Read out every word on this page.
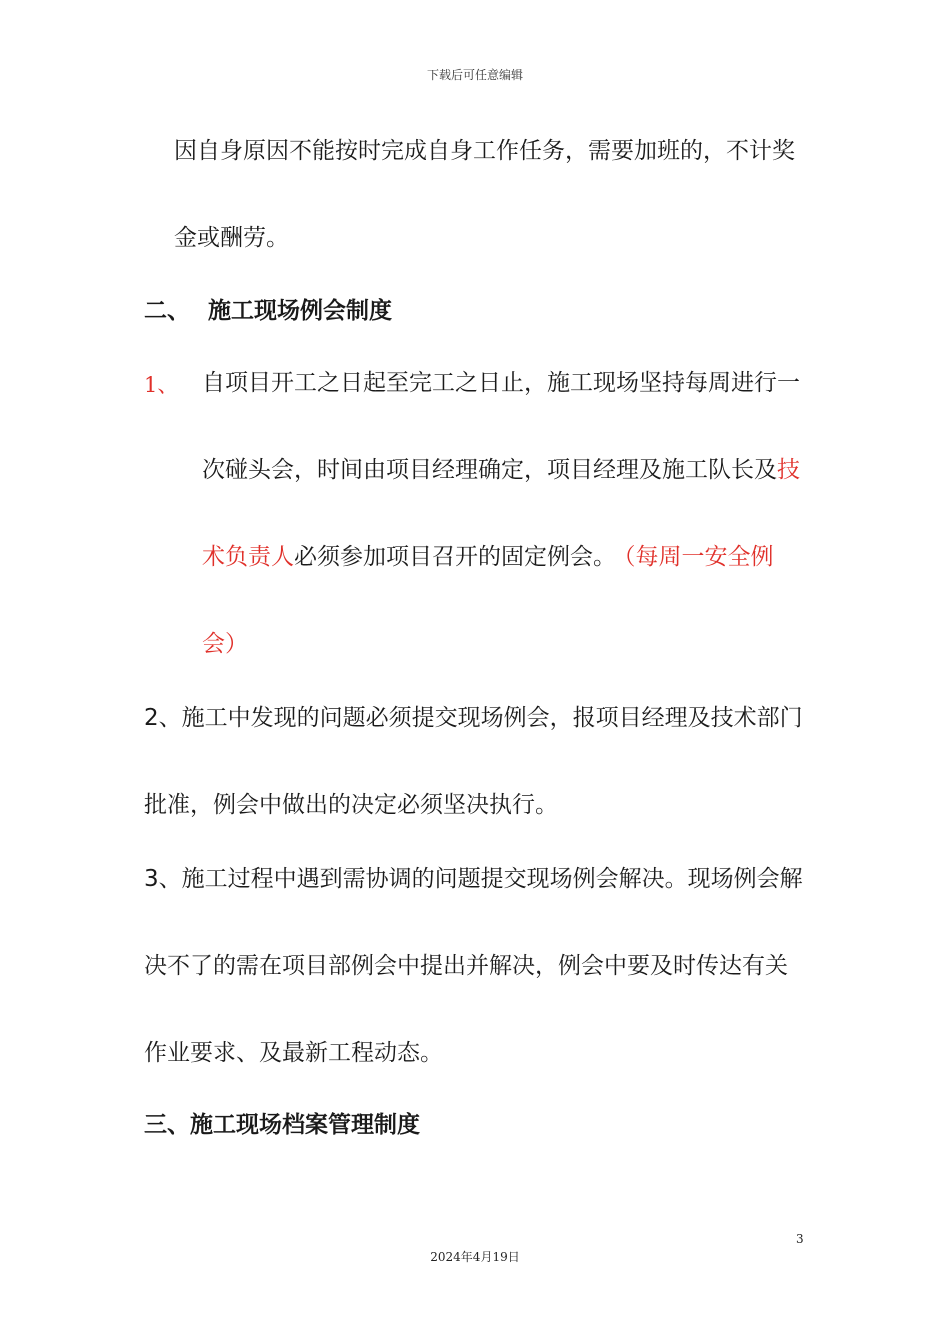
下载后可任意编辑
因自身原因不能按时完成自身工作任务，需要加班的，不计奖
金或酬劳。
二、 施工现场例会制度
1、 自项目开工之日起至完工之日止，施工现场坚持每周进行一
次碰头会，时间由项目经理确定，项目经理及施工队长及技
术负责人必须参加项目召开的固定例会。 （每周一安全例
会）
2、施工中发现的问题必须提交现场例会，报项目经理及技术部门
批准，例会中做出的决定必须坚决执行。
3、施工过程中遇到需协调的问题提交现场例会解决。现场例会解
决不了的需在项目部例会中提出并解决，例会中要及时传达有关
作业要求、及最新工程动态。
三、施工现场档案管理制度
3
2024年4月19日
